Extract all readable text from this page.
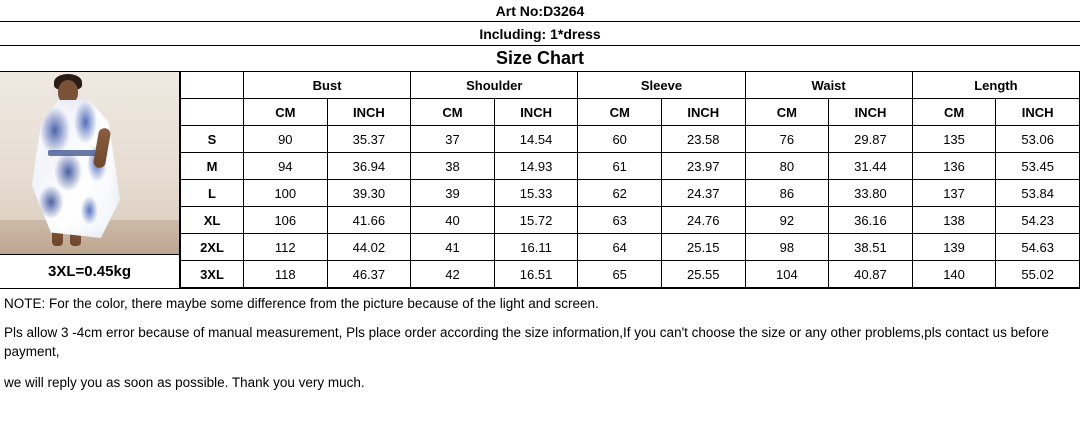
Art No:D3264
Including: 1*dress
Size Chart
3XL=0.45kg
	Bust		Shoulder		Sleeve		Waist		Length	
	CM	INCH	CM	INCH	CM	INCH	CM	INCH	CM	INCH
S	90	35.37	37	14.54	60	23.58	76	29.87	135	53.06
M	94	36.94	38	14.93	61	23.97	80	31.44	136	53.45
L	100	39.30	39	15.33	62	24.37	86	33.80	137	53.84
XL	106	41.66	40	15.72	63	24.76	92	36.16	138	54.23
2XL	112	44.02	41	16.11	64	25.15	98	38.51	139	54.63
3XL	118	46.37	42	16.51	65	25.55	104	40.87	140	55.02

NOTE: For the color, there maybe some difference from the picture because of the light and screen.

Pls allow 3 -4cm error because of manual measurement, Pls place order according the size information,If you can't choose the size or any other problems,pls contact us before payment,

we will reply you as soon as possible. Thank you very much.
